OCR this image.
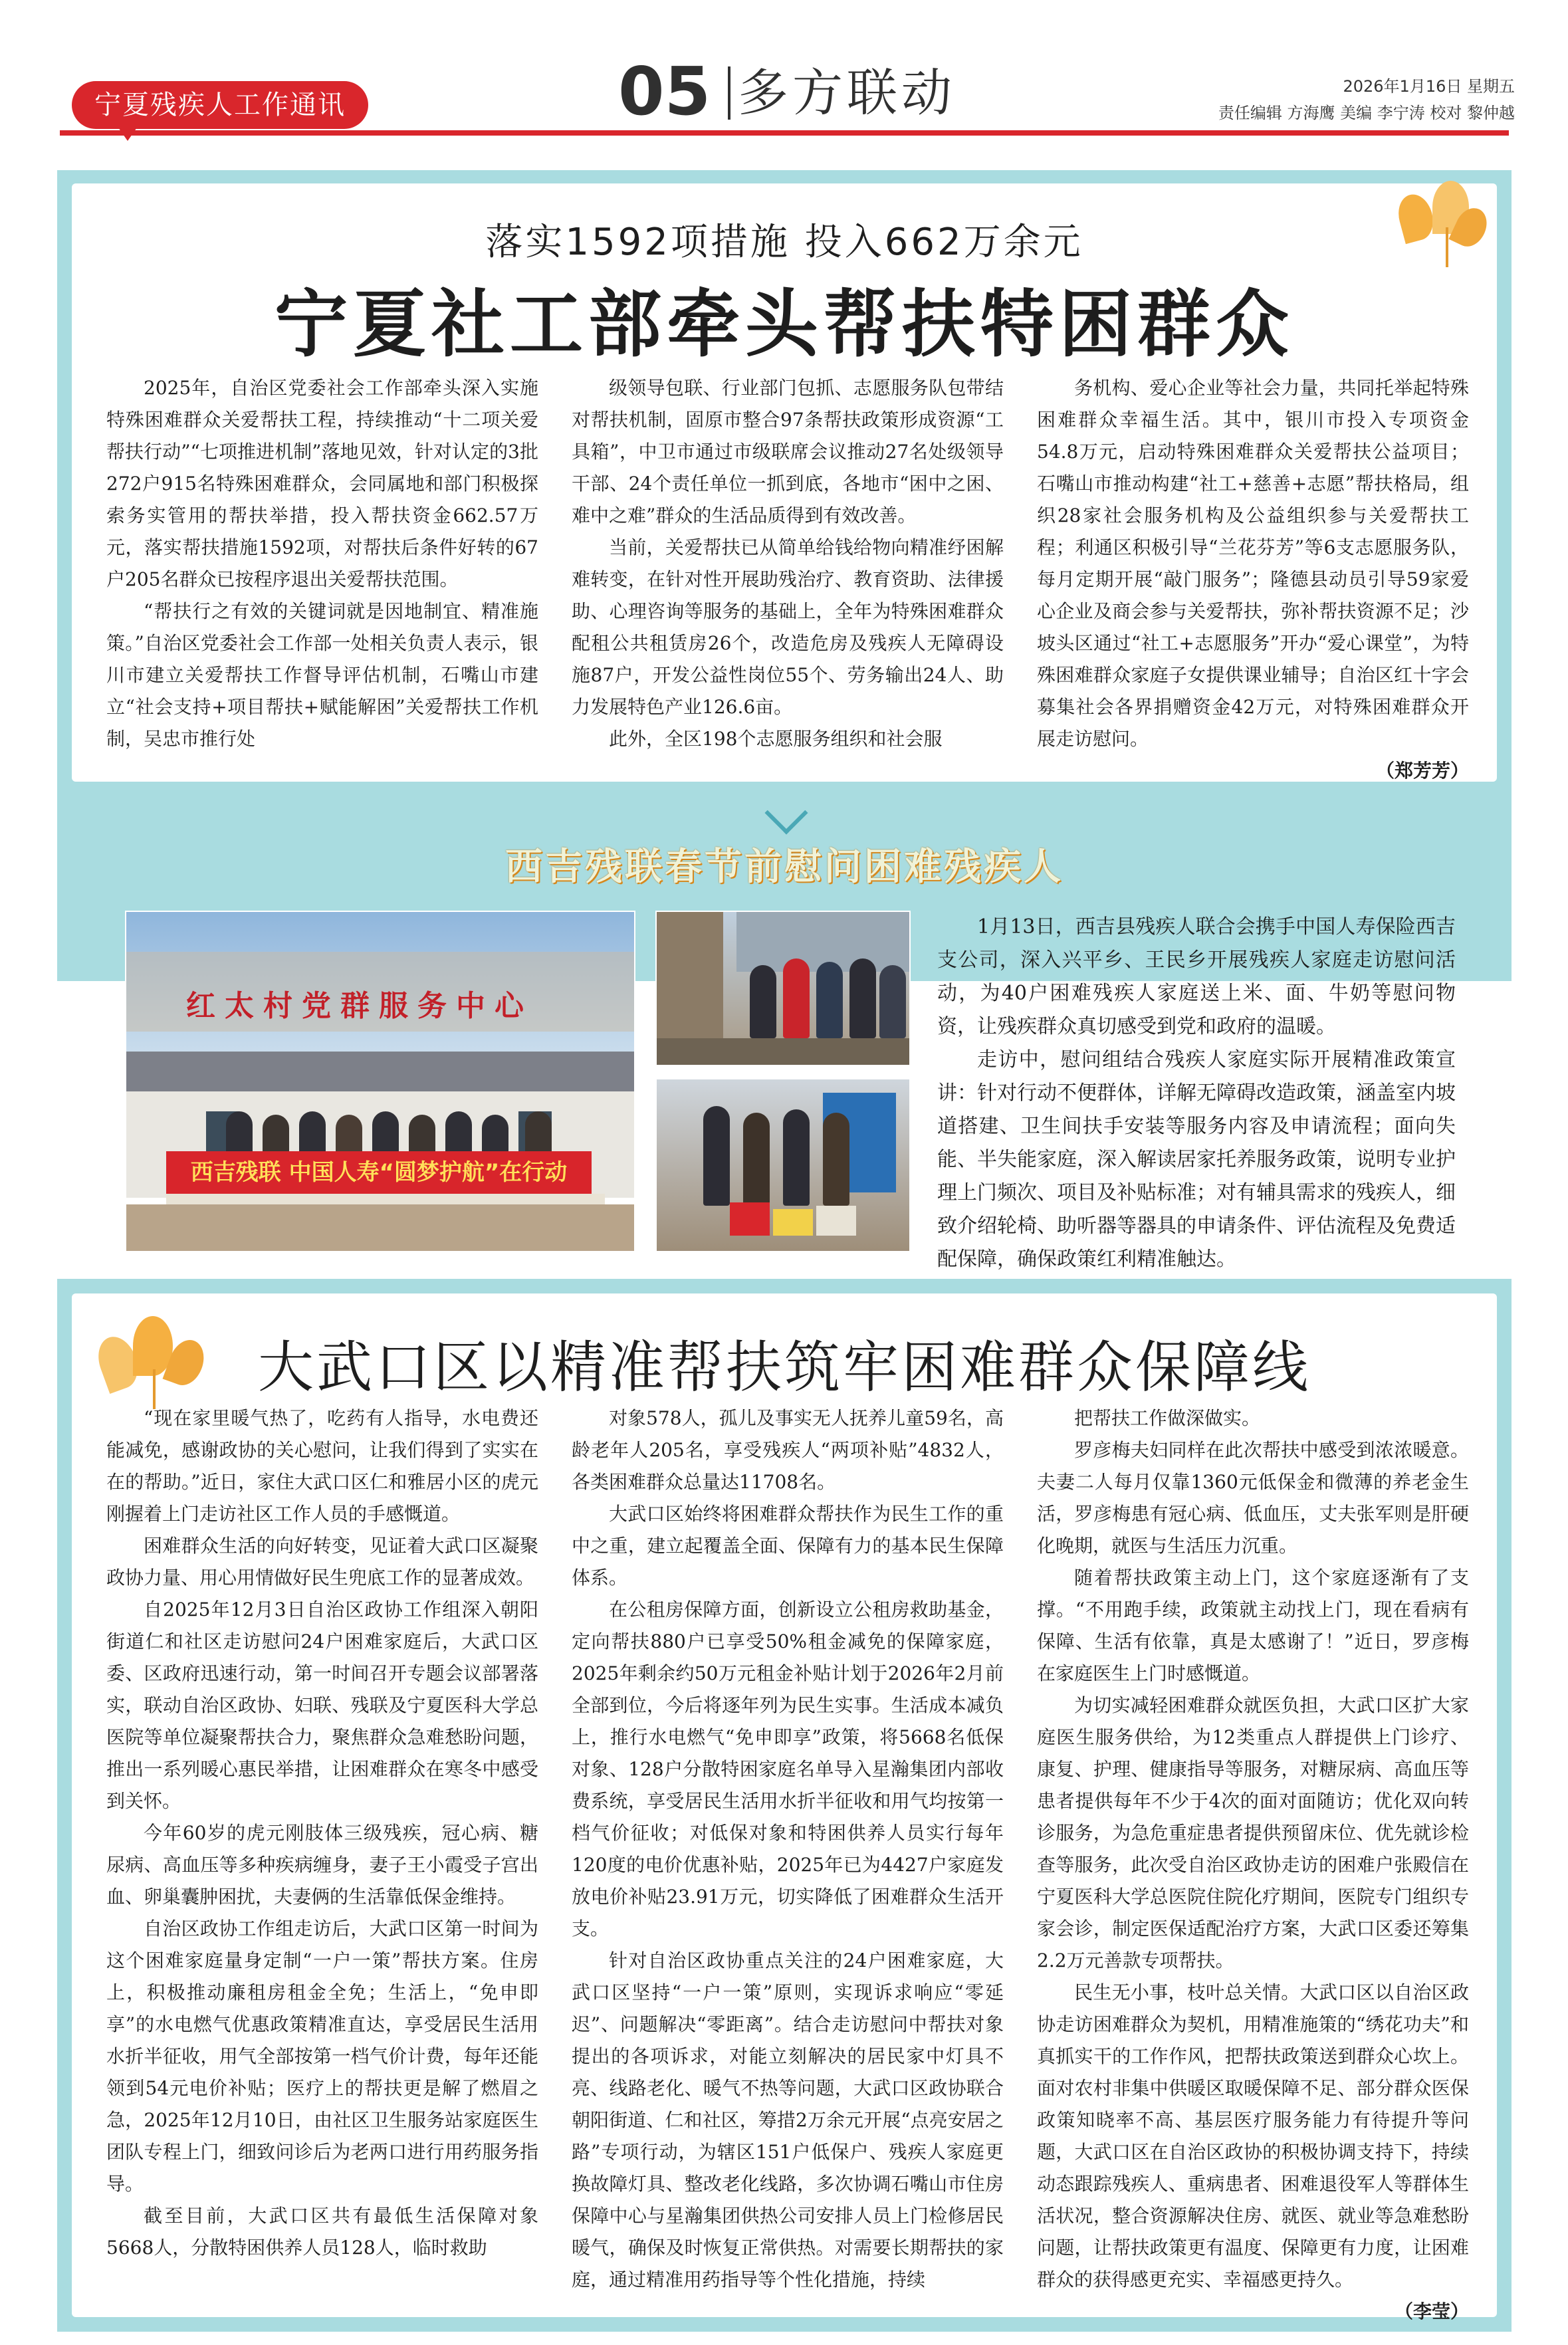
宁夏残疾人工作通讯	05 多方联动	2026年1月16日 星期五
责任编辑 方海鹰 美编 李宁涛 校对 黎仲越
落实1592项措施 投入662万余元
宁夏社工部牵头帮扶特困群众

2025年，自治区党委社会工作部牵头深入实施特殊困难群众关爱帮扶工程，持续推动“十二项关爱帮扶行动”“七项推进机制”落地见效，针对认定的3批272户915名特殊困难群众，会同属地和部门积极探索务实管用的帮扶举措，投入帮扶资金662.57万元，落实帮扶措施1592项，对帮扶后条件好转的67户205名群众已按程序退出关爱帮扶范围。

“帮扶行之有效的关键词就是因地制宜、精准施策。”自治区党委社会工作部一处相关负责人表示，银川市建立关爱帮扶工作督导评估机制，石嘴山市建立“社会支持+项目帮扶+赋能解困”关爱帮扶工作机制，吴忠市推行处

级领导包联、行业部门包抓、志愿服务队包带结对帮扶机制，固原市整合97条帮扶政策形成资源“工具箱”，中卫市通过市级联席会议推动27名处级领导干部、24个责任单位一抓到底，各地市“困中之困、难中之难”群众的生活品质得到有效改善。

当前，关爱帮扶已从简单给钱给物向精准纾困解难转变，在针对性开展助残治疗、教育资助、法律援助、心理咨询等服务的基础上，全年为特殊困难群众配租公共租赁房26个，改造危房及残疾人无障碍设施87户，开发公益性岗位55个、劳务输出24人、助力发展特色产业126.6亩。

此外，全区198个志愿服务组织和社会服

务机构、爱心企业等社会力量，共同托举起特殊困难群众幸福生活。其中，银川市投入专项资金54.8万元，启动特殊困难群众关爱帮扶公益项目；石嘴山市推动构建“社工+慈善+志愿”帮扶格局，组织28家社会服务机构及公益组织参与关爱帮扶工程；利通区积极引导“兰花芬芳”等6支志愿服务队，每月定期开展“敲门服务”；隆德县动员引导59家爱心企业及商会参与关爱帮扶，弥补帮扶资源不足；沙坡头区通过“社工+志愿服务”开办“爱心课堂”，为特殊困难群众家庭子女提供课业辅导；自治区红十字会募集社会各界捐赠资金42万元，对特殊困难群众开展走访慰问。

（郑芳芳）
西吉残联春节前慰问困难残疾人
红太村党群服务中心
西吉残联 中国人寿“圆梦护航”在行动

1月13日，西吉县残疾人联合会携手中国人寿保险西吉支公司，深入兴平乡、王民乡开展残疾人家庭走访慰问活动，为40户困难残疾人家庭送上米、面、牛奶等慰问物资，让残疾群众真切感受到党和政府的温暖。

走访中，慰问组结合残疾人家庭实际开展精准政策宣讲：针对行动不便群体，详解无障碍改造政策，涵盖室内坡道搭建、卫生间扶手安装等服务内容及申请流程；面向失能、半失能家庭，深入解读居家托养服务政策，说明专业护理上门频次、项目及补贴标准；对有辅具需求的残疾人，细致介绍轮椅、助听器等器具的申请条件、评估流程及免费适配保障，确保政策红利精准触达。

大武口区以精准帮扶筑牢困难群众保障线

“现在家里暖气热了，吃药有人指导，水电费还能减免，感谢政协的关心慰问，让我们得到了实实在在的帮助。”近日，家住大武口区仁和雅居小区的虎元刚握着上门走访社区工作人员的手感慨道。

困难群众生活的向好转变，见证着大武口区凝聚政协力量、用心用情做好民生兜底工作的显著成效。

自2025年12月3日自治区政协工作组深入朝阳街道仁和社区走访慰问24户困难家庭后，大武口区委、区政府迅速行动，第一时间召开专题会议部署落实，联动自治区政协、妇联、残联及宁夏医科大学总医院等单位凝聚帮扶合力，聚焦群众急难愁盼问题，推出一系列暖心惠民举措，让困难群众在寒冬中感受到关怀。

今年60岁的虎元刚肢体三级残疾，冠心病、糖尿病、高血压等多种疾病缠身，妻子王小霞受子宫出血、卵巢囊肿困扰，夫妻俩的生活靠低保金维持。

自治区政协工作组走访后，大武口区第一时间为这个困难家庭量身定制“一户一策”帮扶方案。住房上，积极推动廉租房租金全免；生活上，“免申即享”的水电燃气优惠政策精准直达，享受居民生活用水折半征收，用气全部按第一档气价计费，每年还能领到54元电价补贴；医疗上的帮扶更是解了燃眉之急，2025年12月10日，由社区卫生服务站家庭医生团队专程上门，细致问诊后为老两口进行用药服务指导。

截至目前，大武口区共有最低生活保障对象5668人，分散特困供养人员128人，临时救助

对象578人，孤儿及事实无人抚养儿童59名，高龄老年人205名，享受残疾人“两项补贴”4832人，各类困难群众总量达11708名。

大武口区始终将困难群众帮扶作为民生工作的重中之重，建立起覆盖全面、保障有力的基本民生保障体系。

在公租房保障方面，创新设立公租房救助基金，定向帮扶880户已享受50%租金减免的保障家庭，2025年剩余约50万元租金补贴计划于2026年2月前全部到位，今后将逐年列为民生实事。生活成本减负上，推行水电燃气“免申即享”政策，将5668名低保对象、128户分散特困家庭名单导入星瀚集团内部收费系统，享受居民生活用水折半征收和用气均按第一档气价征收；对低保对象和特困供养人员实行每年120度的电价优惠补贴，2025年已为4427户家庭发放电价补贴23.91万元，切实降低了困难群众生活开支。

针对自治区政协重点关注的24户困难家庭，大武口区坚持“一户一策”原则，实现诉求响应“零延迟”、问题解决“零距离”。结合走访慰问中帮扶对象提出的各项诉求，对能立刻解决的居民家中灯具不亮、线路老化、暖气不热等问题，大武口区政协联合朝阳街道、仁和社区，筹措2万余元开展“点亮安居之路”专项行动，为辖区151户低保户、残疾人家庭更换故障灯具、整改老化线路，多次协调石嘴山市住房保障中心与星瀚集团供热公司安排人员上门检修居民暖气，确保及时恢复正常供热。对需要长期帮扶的家庭，通过精准用药指导等个性化措施，持续

把帮扶工作做深做实。

罗彦梅夫妇同样在此次帮扶中感受到浓浓暖意。夫妻二人每月仅靠1360元低保金和微薄的养老金生活，罗彦梅患有冠心病、低血压，丈夫张军则是肝硬化晚期，就医与生活压力沉重。

随着帮扶政策主动上门，这个家庭逐渐有了支撑。“不用跑手续，政策就主动找上门，现在看病有保障、生活有依靠，真是太感谢了！”近日，罗彦梅在家庭医生上门时感慨道。

为切实减轻困难群众就医负担，大武口区扩大家庭医生服务供给，为12类重点人群提供上门诊疗、康复、护理、健康指导等服务，对糖尿病、高血压等患者提供每年不少于4次的面对面随访；优化双向转诊服务，为急危重症患者提供预留床位、优先就诊检查等服务，此次受自治区政协走访的困难户张殿信在宁夏医科大学总医院住院化疗期间，医院专门组织专家会诊，制定医保适配治疗方案，大武口区委还筹集2.2万元善款专项帮扶。

民生无小事，枝叶总关情。大武口区以自治区政协走访困难群众为契机，用精准施策的“绣花功夫”和真抓实干的工作作风，把帮扶政策送到群众心坎上。面对农村非集中供暖区取暖保障不足、部分群众医保政策知晓率不高、基层医疗服务能力有待提升等问题，大武口区在自治区政协的积极协调支持下，持续动态跟踪残疾人、重病患者、困难退役军人等群体生活状况，整合资源解决住房、就医、就业等急难愁盼问题，让帮扶政策更有温度、保障更有力度，让困难群众的获得感更充实、幸福感更持久。

（李莹）
